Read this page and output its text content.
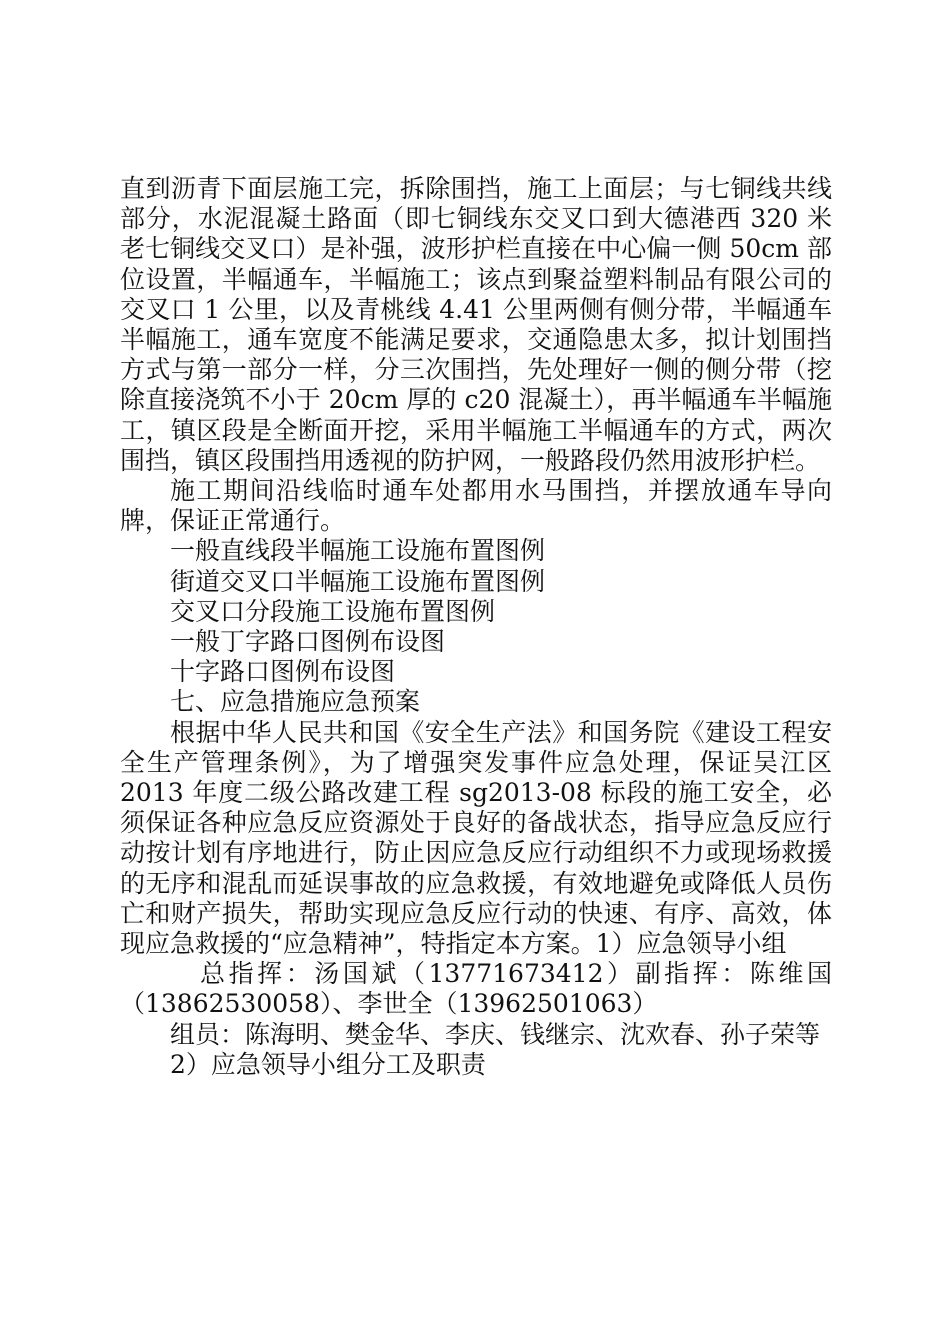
直到沥青下面层施工完，拆除围挡，施工上面层；与七铜线共线部分，水泥混凝土路面（即七铜线东交叉口到大德港西 320 米老七铜线交叉口）是补强，波形护栏直接在中心偏一侧 50cm 部位设置，半幅通车，半幅施工；该点到聚益塑料制品有限公司的交叉口 1 公里，以及青桃线 4.41 公里两侧有侧分带，半幅通车半幅施工，通车宽度不能满足要求，交通隐患太多，拟计划围挡方式与第一部分一样，分三次围挡，先处理好一侧的侧分带（挖除直接浇筑不小于 20cm 厚的 c20 混凝土），再半幅通车半幅施工，镇区段是全断面开挖，采用半幅施工半幅通车的方式，两次围挡，镇区段围挡用透视的防护网，一般路段仍然用波形护栏。

施工期间沿线临时通车处都用水马围挡，并摆放通车导向牌，保证正常通行。

一般直线段半幅施工设施布置图例

街道交叉口半幅施工设施布置图例

交叉口分段施工设施布置图例

一般丁字路口图例布设图

十字路口图例布设图

七、应急措施应急预案

根据中华人民共和国《安全生产法》和国务院《建设工程安全生产管理条例》，为了增强突发事件应急处理，保证吴江区 2013 年度二级公路改建工程 sg2013-08 标段的施工安全，必须保证各种应急反应资源处于良好的备战状态，指导应急反应行动按计划有序地进行，防止因应急反应行动组织不力或现场救援的无序和混乱而延误事故的应急救援，有效地避免或降低人员伤亡和财产损失，帮助实现应急反应行动的快速、有序、高效，体现应急救援的“应急精神”，特指定本方案。1）应急领导小组

总指挥：汤国斌（13771673412）副指挥：陈维国

（13862530058）、李世全（13962501063）

组员：陈海明、樊金华、李庆、钱继宗、沈欢春、孙子荣等

2）应急领导小组分工及职责
